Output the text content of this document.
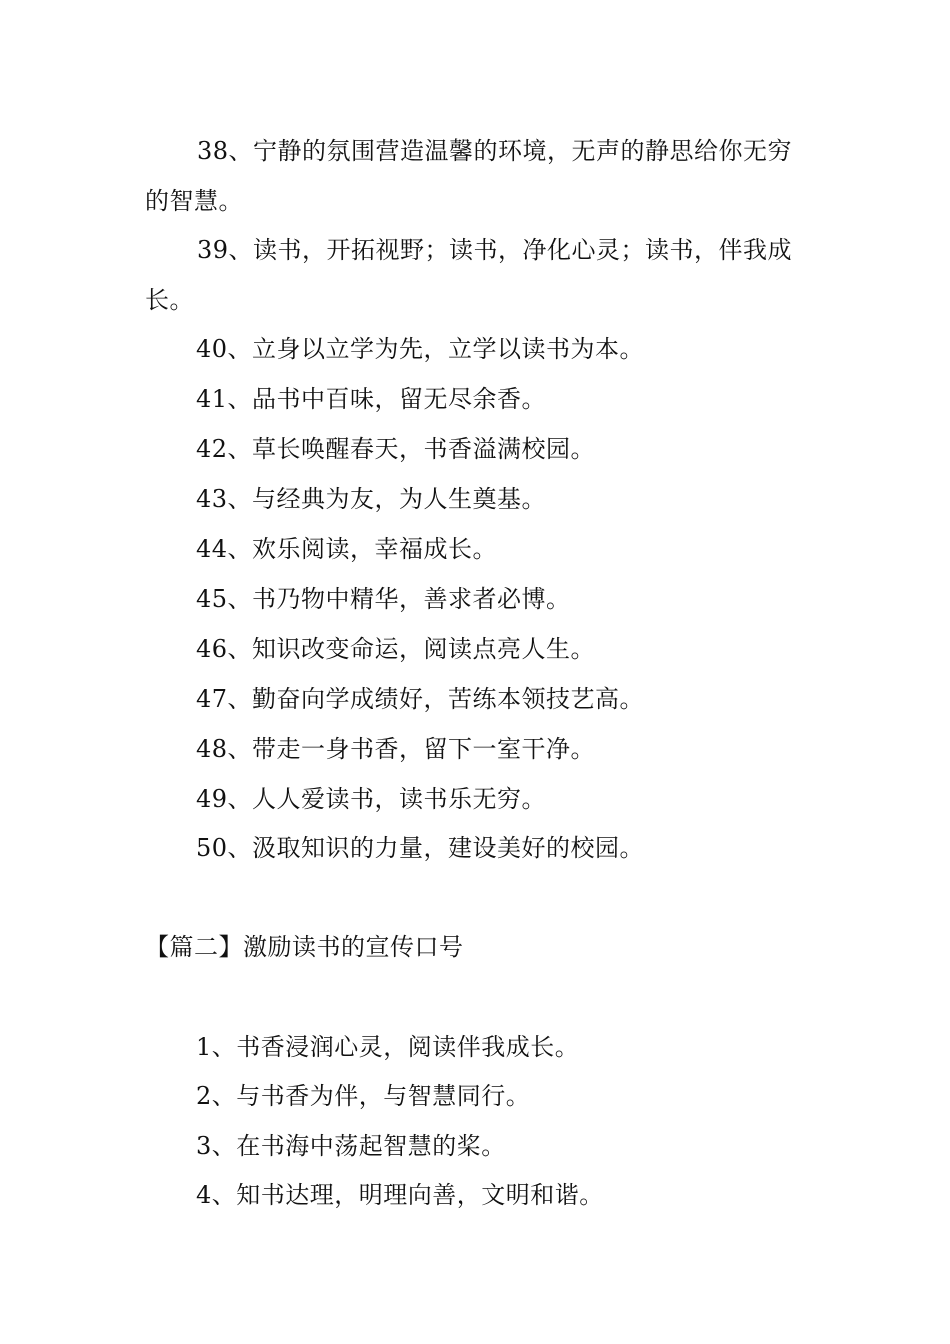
38、宁静的氛围营造温馨的环境，无声的静思给你无穷的智慧。
39、读书，开拓视野；读书，净化心灵；读书，伴我成长。
40、立身以立学为先，立学以读书为本。
41、品书中百味，留无尽余香。
42、草长唤醒春天，书香溢满校园。
43、与经典为友，为人生奠基。
44、欢乐阅读，幸福成长。
45、书乃物中精华，善求者必博。
46、知识改变命运，阅读点亮人生。
47、勤奋向学成绩好，苦练本领技艺高。
48、带走一身书香，留下一室干净。
49、人人爱读书，读书乐无穷。
50、汲取知识的力量，建设美好的校园。
【篇二】激励读书的宣传口号
1、书香浸润心灵，阅读伴我成长。
2、与书香为伴，与智慧同行。
3、在书海中荡起智慧的桨。
4、知书达理，明理向善，文明和谐。
